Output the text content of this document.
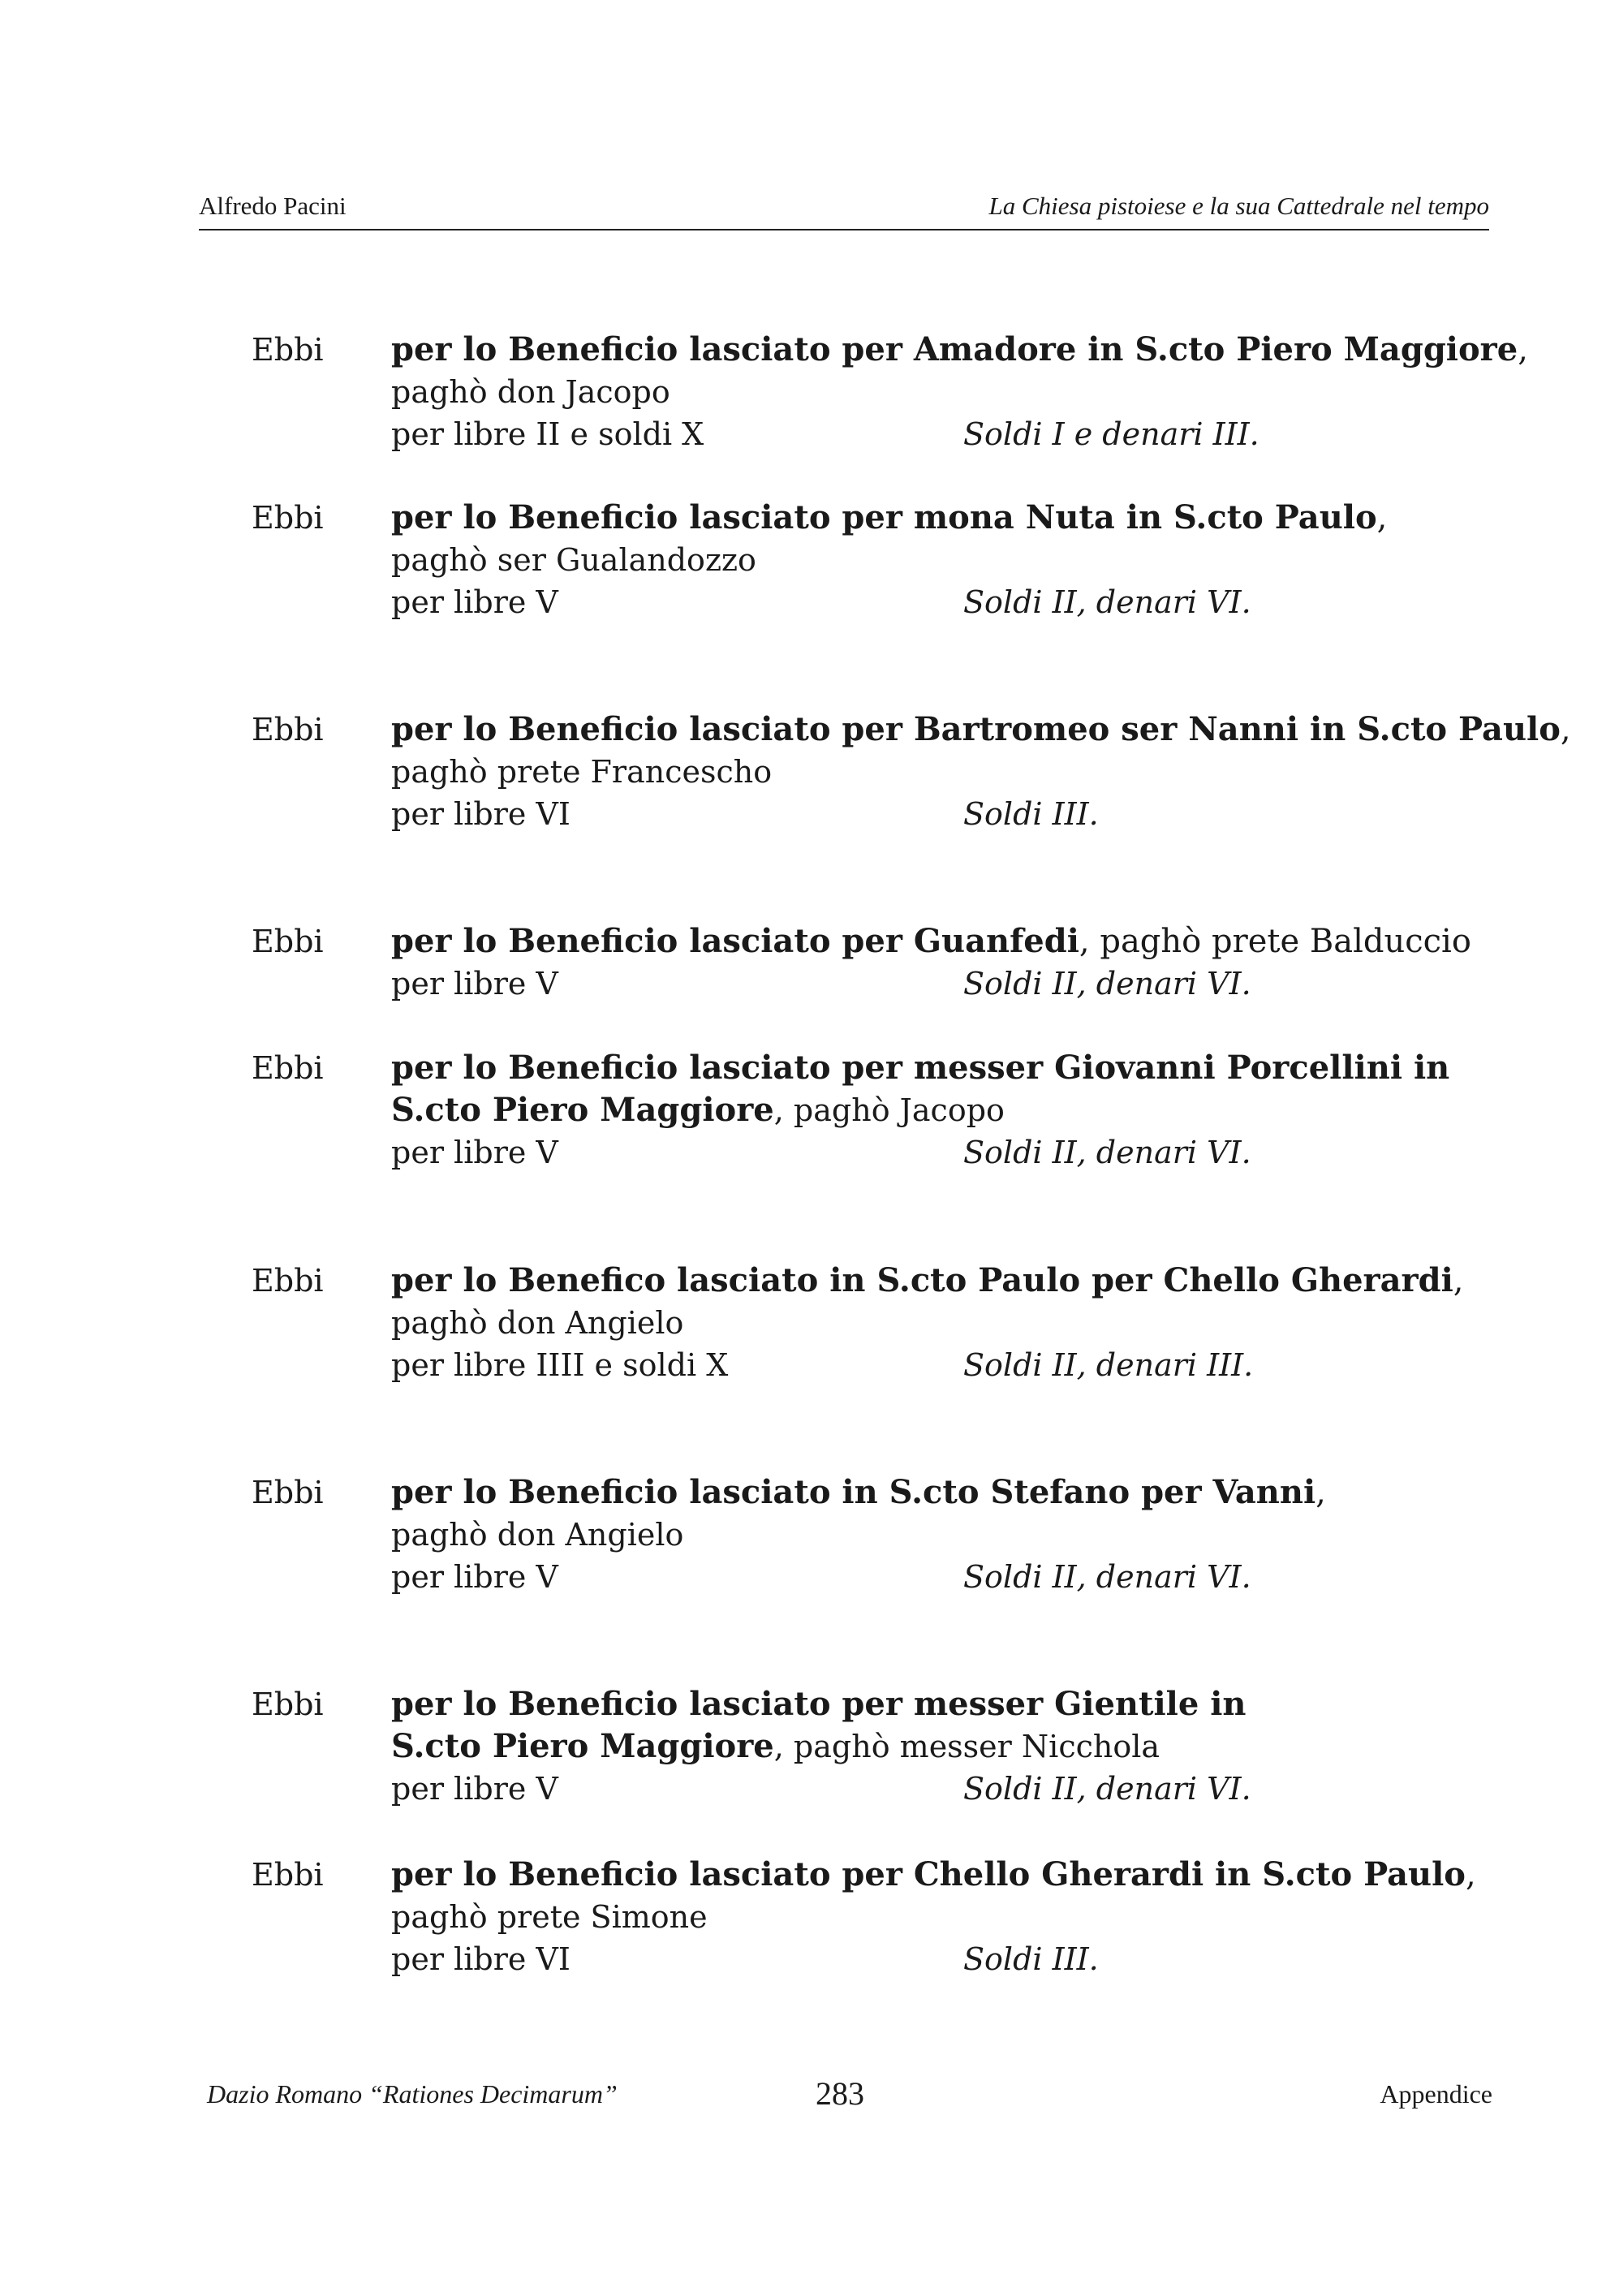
Alfredo Pacini	La Chiesa pistoiese e la sua Cattedrale nel tempo
Ebbi per lo Beneficio lasciato per Amadore in S.cto Piero Maggiore,
paghò don Jacopo
per libre II e soldi X	Soldi I e denari III.
Ebbi per lo Beneficio lasciato per mona Nuta in S.cto Paulo,
paghò ser Gualandozzo
per libre V	Soldi II, denari VI.
Ebbi per lo Beneficio lasciato per Bartromeo ser Nanni in S.cto Paulo,
paghò prete Francescho
per libre VI	Soldi III.
Ebbi per lo Beneficio lasciato per Guanfedi, paghò prete Balduccio
per libre V	Soldi II, denari VI.
Ebbi per lo Beneficio lasciato per messer Giovanni Porcellini in
S.cto Piero Maggiore, paghò Jacopo
per libre V	Soldi II, denari VI.
Ebbi per lo Benefico lasciato in S.cto Paulo per Chello Gherardi,
paghò don Angielo
per libre IIII e soldi X	Soldi II, denari III.
Ebbi per lo Beneficio lasciato in S.cto Stefano per Vanni,
paghò don Angielo
per libre V	Soldi II, denari VI.
Ebbi per lo Beneficio lasciato per messer Gientile in
S.cto Piero Maggiore, paghò messer Nicchola
per libre V	Soldi II, denari VI.
Ebbi per lo Beneficio lasciato per Chello Gherardi in S.cto Paulo,
paghò prete Simone
per libre VI	Soldi III.
Dazio Romano “Rationes Decimarum”	283	Appendice
